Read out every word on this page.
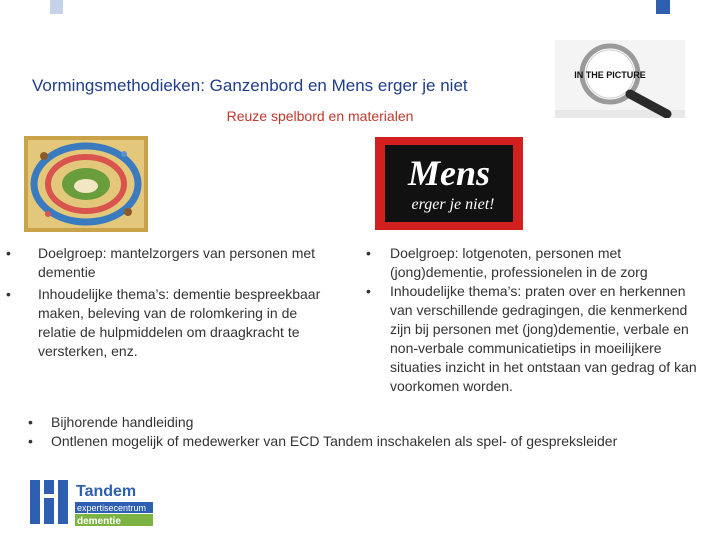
Vormingsmethodieken: Ganzenbord en Mens erger je niet
Reuze spelbord en materialen
IN THE PICTURE
Mens
erger je niet!
• Doelgroep: mantelzorgers van personen met dementie
• Inhoudelijke thema’s: dementie bespreekbaar maken, beleving van de rolomkering in de relatie de hulpmiddelen om draagkracht te versterken, enz.
• Doelgroep: lotgenoten, personen met (jong)dementie, professionelen in de zorg
• Inhoudelijke thema’s: praten over en herkennen van verschillende gedragingen, die kenmerkend zijn bij personen met (jong)dementie, verbale en non-verbale communicatietips in moeilijkere situaties inzicht in het ontstaan van gedrag of kan voorkomen worden.
• Bijhorende handleiding
• Ontlenen mogelijk of medewerker van ECD Tandem inschakelen als spel- of gespreksleider
Tandem
expertisecentrum
dementie
